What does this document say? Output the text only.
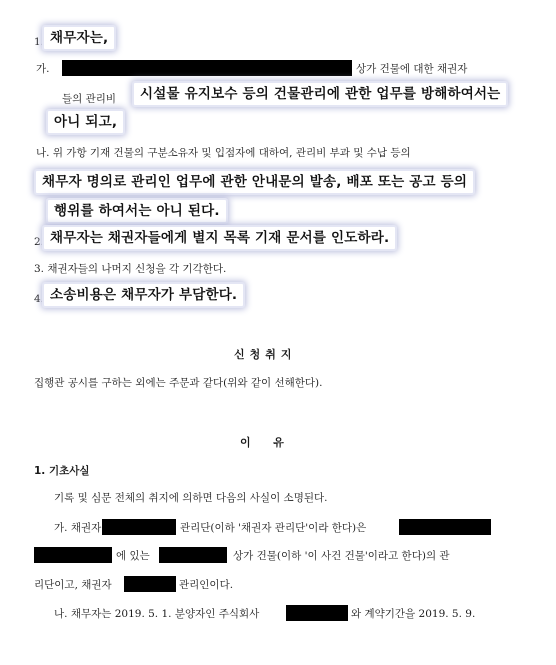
1. 채무자는,
가.	상가 건물에 대한 채권자
들의 관리비	시설물 유지보수 등의 건물관리에 관한 업무를 방해하여서는
아니 되고,
나. 위 가항 기재 건물의 구분소유자 및 입점자에 대하여, 관리비 부과 및 수납 등의
채무자 명의로 관리인 업무에 관한 안내문의 발송, 배포 또는 공고 등의
행위를 하여서는 아니 된다.
2. 채무자는 채권자들에게 별지 목록 기재 문서를 인도하라.
3. 채권자들의 나머지 신청을 각 기각한다.
4. 소송비용은 채무자가 부담한다.
신청취지
집행관 공시를 구하는 외에는 주문과 같다(위와 같이 선해한다).
이  유
1. 기초사실
기록 및 심문 전체의 취지에 의하면 다음의 사실이 소명된다.
가. 채권자	관리단(이하 '채권자 관리단'이라 한다)은
에 있는	상가 건물(이하 '이 사건 건물'이라고 한다)의 관
리단이고, 채권자	관리인이다.
나. 채무자는 2019. 5. 1. 분양자인 주식회사	와 계약기간을 2019. 5. 9.
